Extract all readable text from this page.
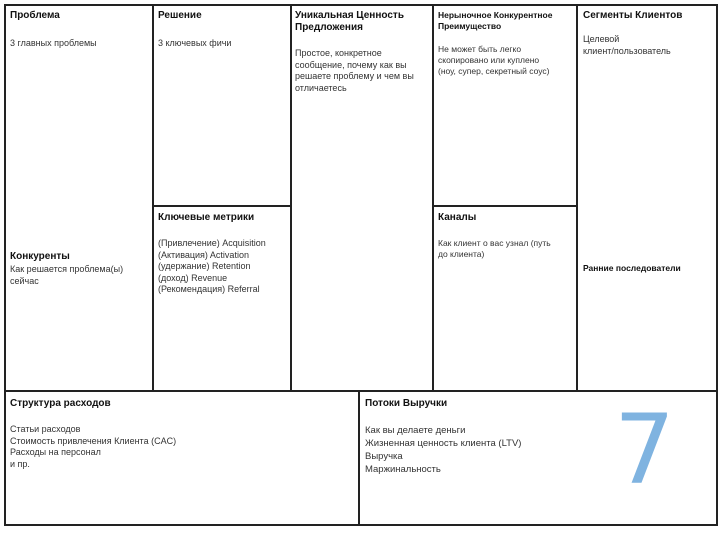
Проблема
3 главных проблемы
Конкуренты
Как решается проблема(ы)
сейчас
Решение
3 ключевых фичи
Ключевые метрики
(Привлечение) Acquisition
(Активация) Activation
(удержание) Retention
(доход) Revenue
(Рекомендация) Referral
Уникальная Ценность
Предложения
Простое, конкретное
сообщение, почему как вы
решаете проблему и чем вы
отличаетесь
Нерыночное Конкурентное
Преимущество
Не может быть легко
скопировано или куплено
(ноу, супер, секретный соус)
Каналы
Как клиент о вас узнал (путь
до клиента)
Сегменты Клиентов
Целевой
клиент/пользователь
Ранние последователи
Структура расходов
Статьи расходов
Стоимость привлечения Клиента (CAC)
Расходы на персонал
и пр.
Потоки Выручки
Как вы делаете деньги
Жизненная ценность клиента (LTV)
Выручка
Маржинальность	7
